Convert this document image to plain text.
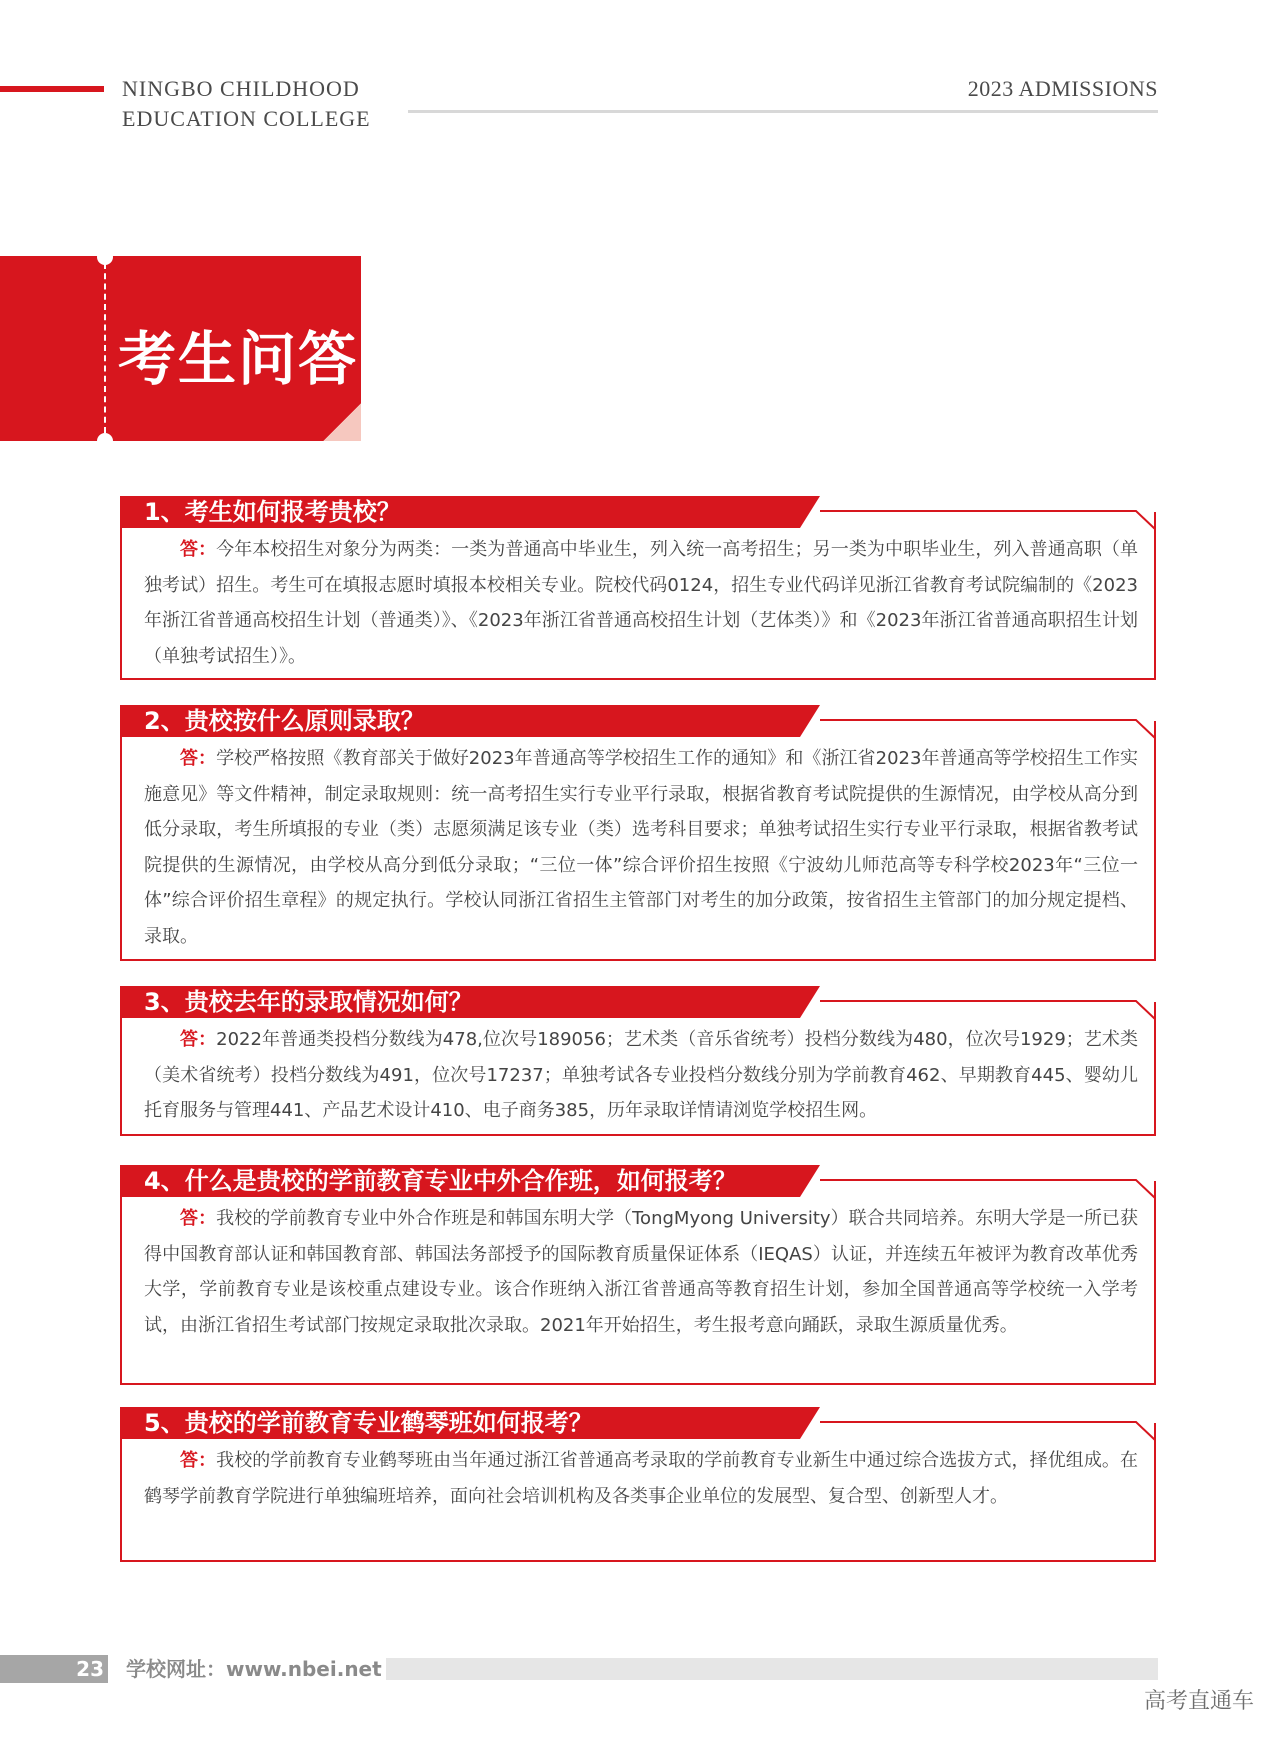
NINGBO CHILDHOOD
EDUCATION COLLEGE
2023 ADMISSIONS
考生问答
1、考生如何报考贵校？
答：今年本校招生对象分为两类：一类为普通高中毕业生，列入统一高考招生；另一类为中职毕业生，列入普通高职（单独考试）招生。考生可在填报志愿时填报本校相关专业。院校代码0124，招生专业代码详见浙江省教育考试院编制的《2023年浙江省普通高校招生计划（普通类）》、《2023年浙江省普通高校招生计划（艺体类）》和《2023年浙江省普通高职招生计划（单独考试招生）》。
2、贵校按什么原则录取？
答：学校严格按照《教育部关于做好2023年普通高等学校招生工作的通知》和《浙江省2023年普通高等学校招生工作实施意见》等文件精神，制定录取规则：统一高考招生实行专业平行录取，根据省教育考试院提供的生源情况，由学校从高分到低分录取，考生所填报的专业（类）志愿须满足该专业（类）选考科目要求；单独考试招生实行专业平行录取，根据省教考试院提供的生源情况，由学校从高分到低分录取；“三位一体”综合评价招生按照《宁波幼儿师范高等专科学校2023年“三位一体”综合评价招生章程》的规定执行。学校认同浙江省招生主管部门对考生的加分政策，按省招生主管部门的加分规定提档、录取。
3、贵校去年的录取情况如何？
答：2022年普通类投档分数线为478,位次号189056；艺术类（音乐省统考）投档分数线为480，位次号1929；艺术类（美术省统考）投档分数线为491，位次号17237；单独考试各专业投档分数线分别为学前教育462、早期教育445、婴幼儿托育服务与管理441、产品艺术设计410、电子商务385，历年录取详情请浏览学校招生网。
4、什么是贵校的学前教育专业中外合作班，如何报考？
答：我校的学前教育专业中外合作班是和韩国东明大学（TongMyong University）联合共同培养。东明大学是一所已获得中国教育部认证和韩国教育部、韩国法务部授予的国际教育质量保证体系（IEQAS）认证，并连续五年被评为教育改革优秀大学，学前教育专业是该校重点建设专业。该合作班纳入浙江省普通高等教育招生计划，参加全国普通高等学校统一入学考试，由浙江省招生考试部门按规定录取批次录取。2021年开始招生，考生报考意向踊跃，录取生源质量优秀。
5、贵校的学前教育专业鹤琴班如何报考？
答：我校的学前教育专业鹤琴班由当年通过浙江省普通高考录取的学前教育专业新生中通过综合选拔方式，择优组成。在鹤琴学前教育学院进行单独编班培养，面向社会培训机构及各类事企业单位的发展型、复合型、创新型人才。
23 学校网址：www.nbei.net
高考直通车
